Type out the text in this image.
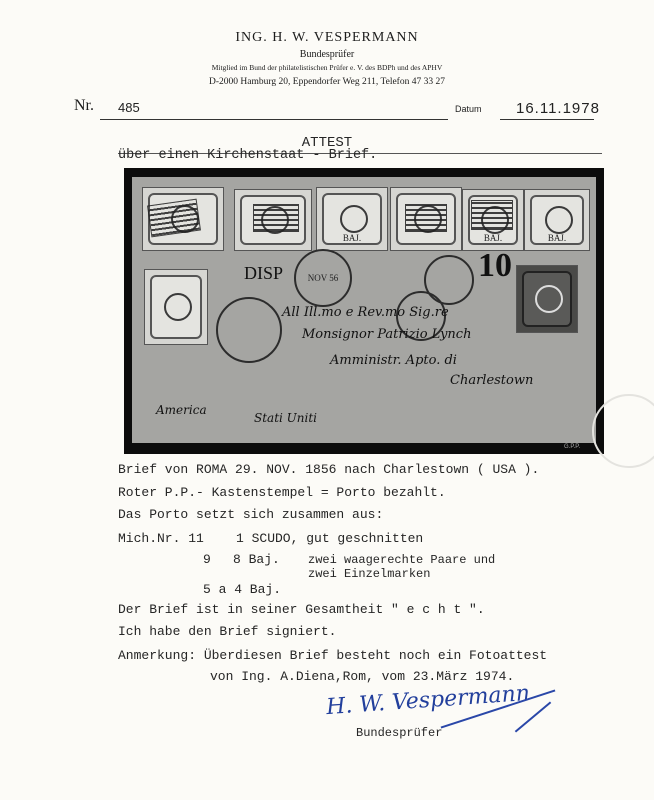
ING. H. W. VESPERMANN
Bundesprüfer
Mitglied im Bund der philatelistischen Prüfer e. V. des BDPh und des APHV
D-2000 Hamburg 20, Eppendorfer Weg 211, Telefon 47 33 27
Nr. 485	Datum 16.11.1978
ATTEST
über einen Kirchenstaat - Brief.
BAJ.	BAJ.	BAJ.
DISP	NOV 56	10
All Ill.mo e Rev.mo Sig.re
Monsignor Patrizio Lynch
Amministr. Apto. di
Charlestown
America
Stati Uniti
G.P.P.
Brief von ROMA 29. NOV. 1856 nach Charlestown ( USA ).
Roter P.P.- Kastenstempel = Porto bezahlt.
Das Porto setzt sich zusammen aus:
Mich.Nr. 11 1 SCUDO, gut geschnitten
9 8 Baj. zwei waagerechte Paare und
zwei Einzelmarken
5 a 4 Baj.
Der Brief ist in seiner Gesamtheit " e c h t ".
Ich habe den Brief signiert.
Anmerkung: Überdiesen Brief besteht noch ein Fotoattest
von Ing. A.Diena,Rom, vom 23.März 1974.
H. W. Vespermann
Bundesprüfer
